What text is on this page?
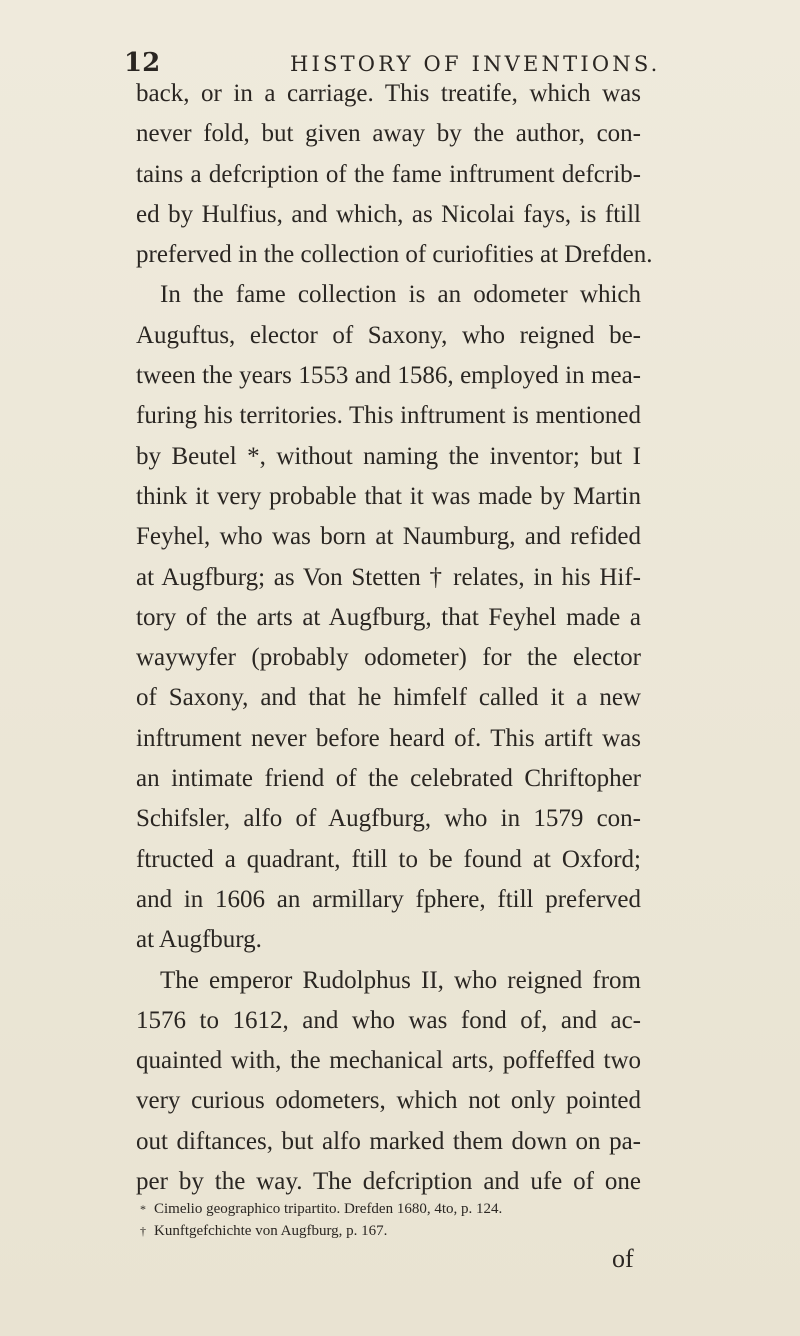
12	HISTORY OF INVENTIONS.
back, or in a carriage. This treatife, which was
never fold, but given away by the author, con-
tains a defcription of the fame inftrument defcrib-
ed by Hulfius, and which, as Nicolai fays, is ftill
preferved in the collection of curiofities at Drefden.
In the fame collection is an odometer which
Auguftus, elector of Saxony, who reigned be-
tween the years 1553 and 1586, employed in mea-
furing his territories. This inftrument is mentioned
by Beutel *, without naming the inventor; but I
think it very probable that it was made by Martin
Feyhel, who was born at Naumburg, and refided
at Augfburg; as Von Stetten † relates, in his Hif-
tory of the arts at Augfburg, that Feyhel made a
waywyfer (probably odometer) for the elector
of Saxony, and that he himfelf called it a new
inftrument never before heard of. This artift was
an intimate friend of the celebrated Chriftopher
Schifsler, alfo of Augfburg, who in 1579 con-
ftructed a quadrant, ftill to be found at Oxford;
and in 1606 an armillary fphere, ftill preferved
at Augfburg.
The emperor Rudolphus II, who reigned from
1576 to 1612, and who was fond of, and ac-
quainted with, the mechanical arts, poffeffed two
very curious odometers, which not only pointed
out diftances, but alfo marked them down on pa-
per by the way. The defcription and ufe of one
* Cimelio geographico tripartito. Drefden 1680, 4to, p. 124.
† Kunftgefchichte von Augfburg, p. 167.
of
